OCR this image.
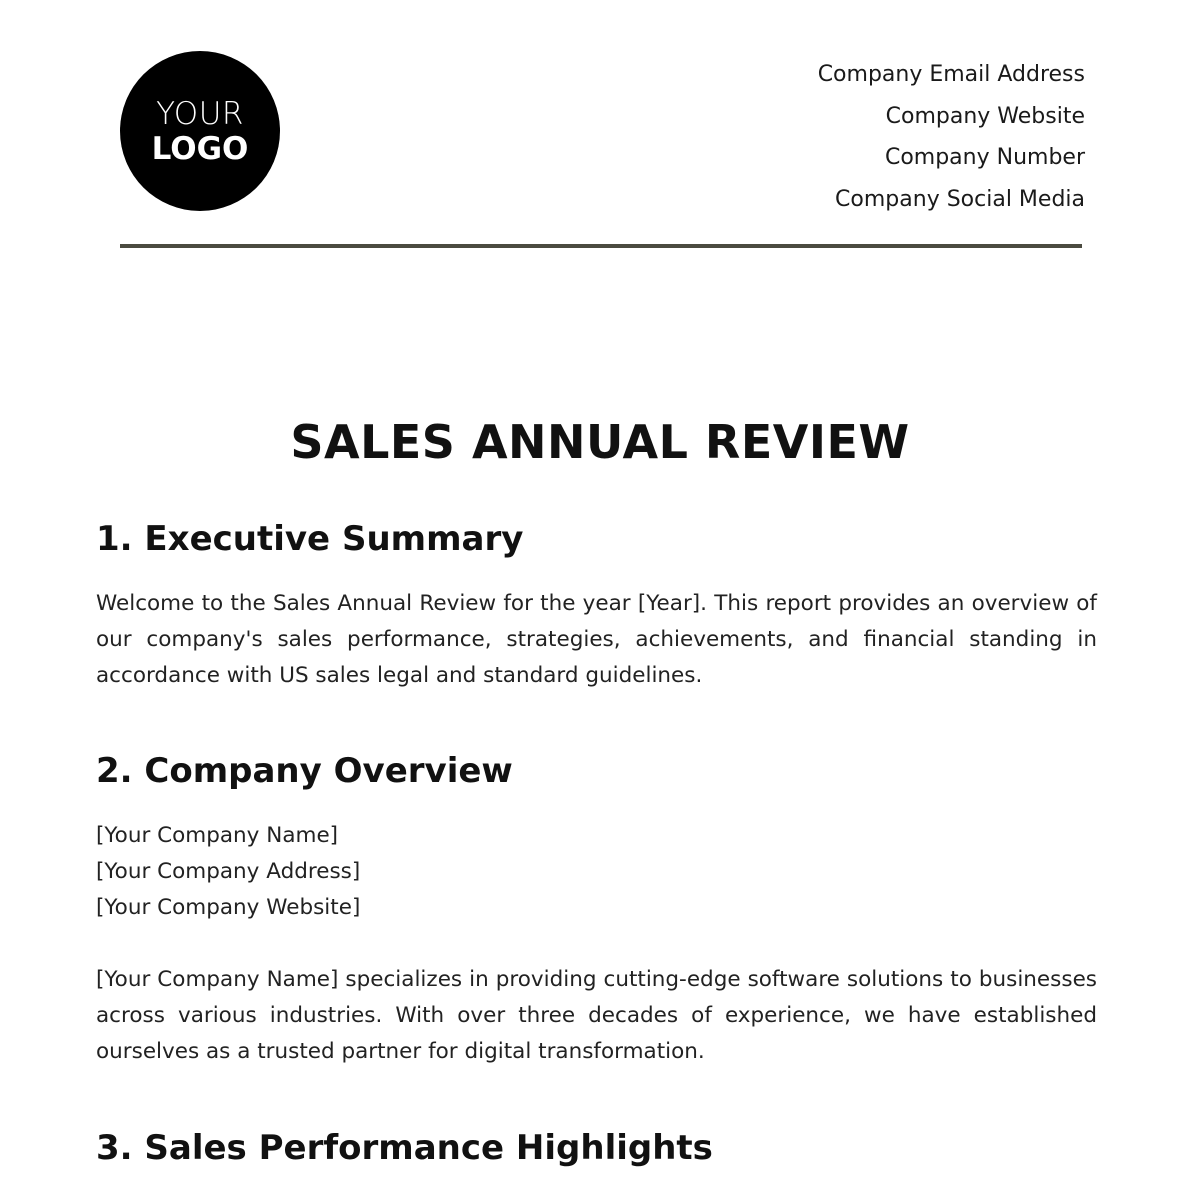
YOUR
LOGO
Company Email Address
Company Website
Company Number
Company Social Media
SALES ANNUAL REVIEW
1. Executive Summary

Welcome to the Sales Annual Review for the year [Year]. This report provides an overview of our company's sales performance, strategies, achievements, and financial standing in accordance with US sales legal and standard guidelines.

2. Company Overview
[Your Company Name]
[Your Company Address]
[Your Company Website]

[Your Company Name] specializes in providing cutting-edge software solutions to businesses across various industries. With over three decades of experience, we have established ourselves as a trusted partner for digital transformation.

3. Sales Performance Highlights
